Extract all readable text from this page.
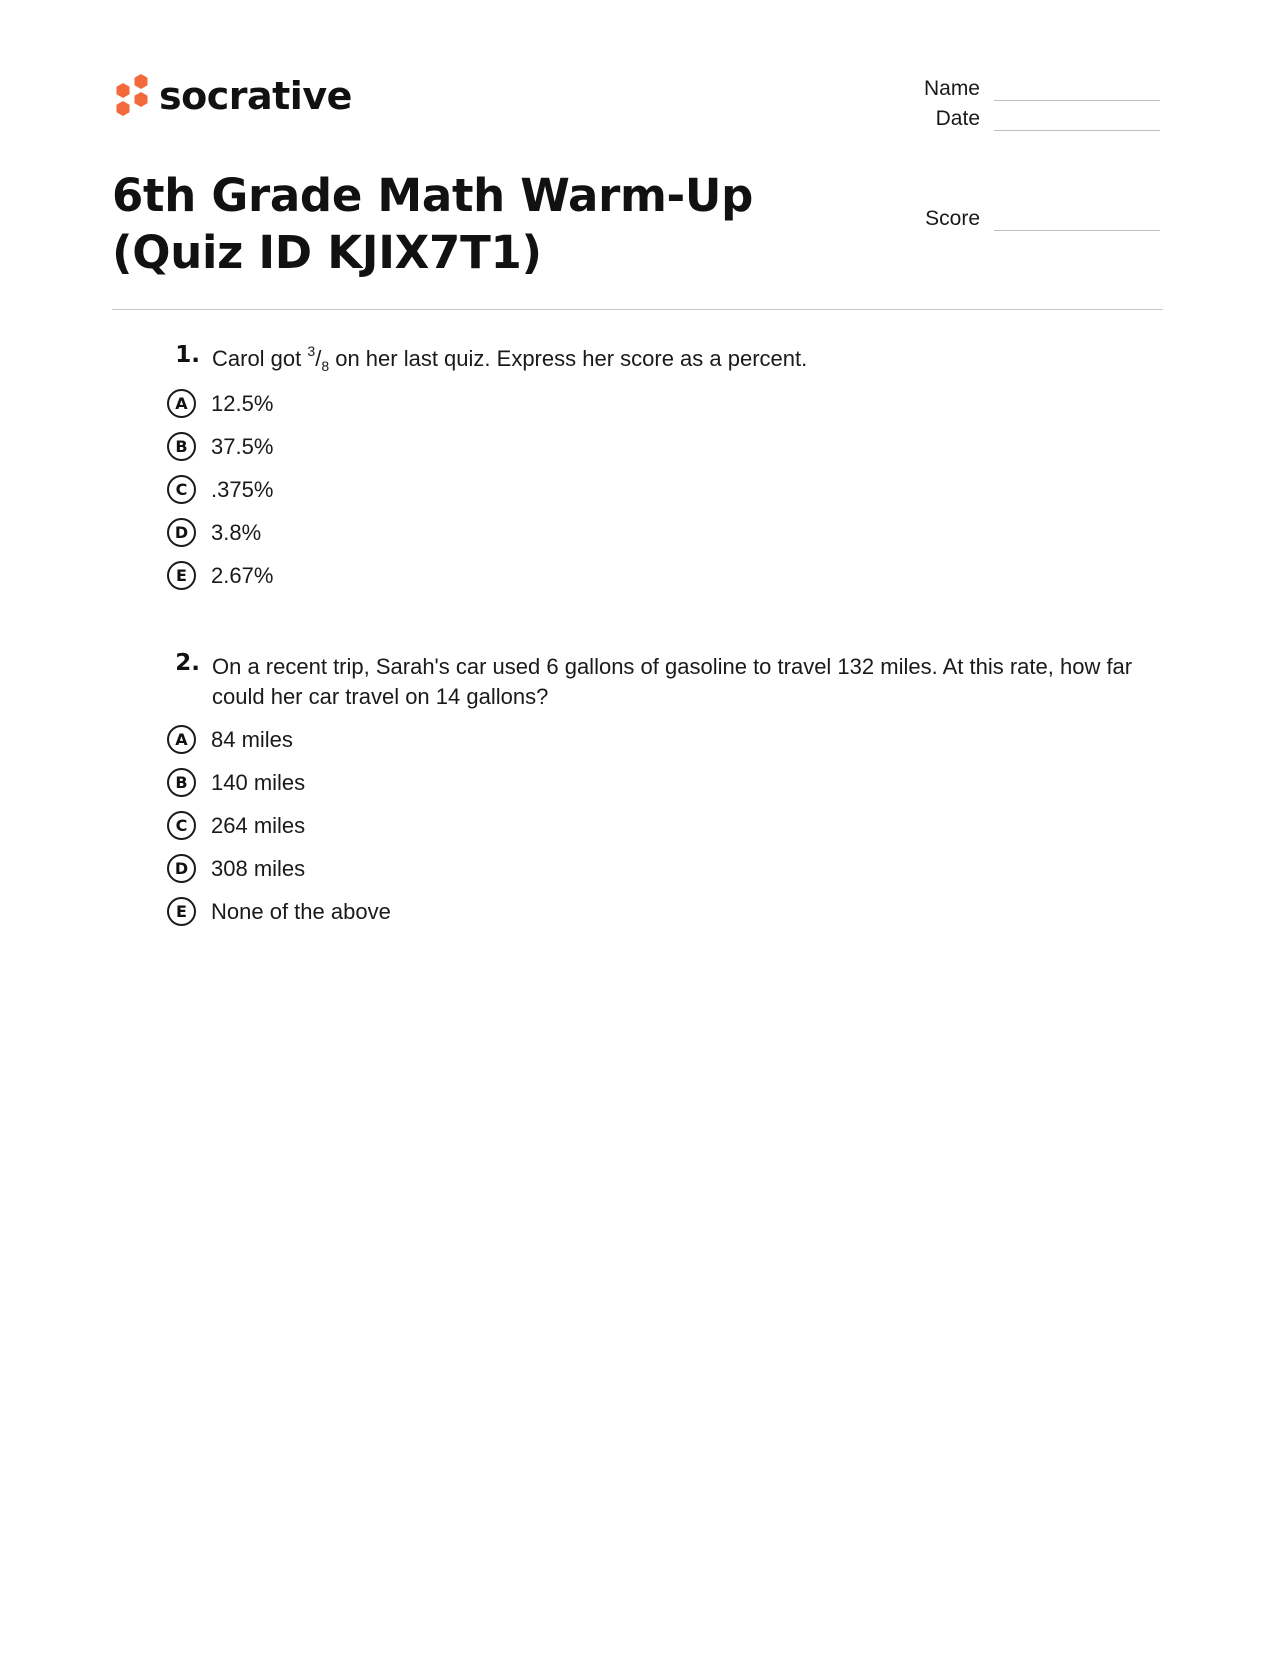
socrative	Name
Date
Score
6th Grade Math Warm-Up (Quiz ID KJIX7T1)
1. Carol got $^3/_8$ on her last quiz. Express her score as a percent.
A	12.5%
B	37.5%
C	.375%
D	3.8%
E	2.67%
2. On a recent trip, Sarah's car used 6 gallons of gasoline to travel 132 miles. At this rate, how far could her car travel on 14 gallons?
A	84 miles
B	140 miles
C	264 miles
D	308 miles
E	None of the above
